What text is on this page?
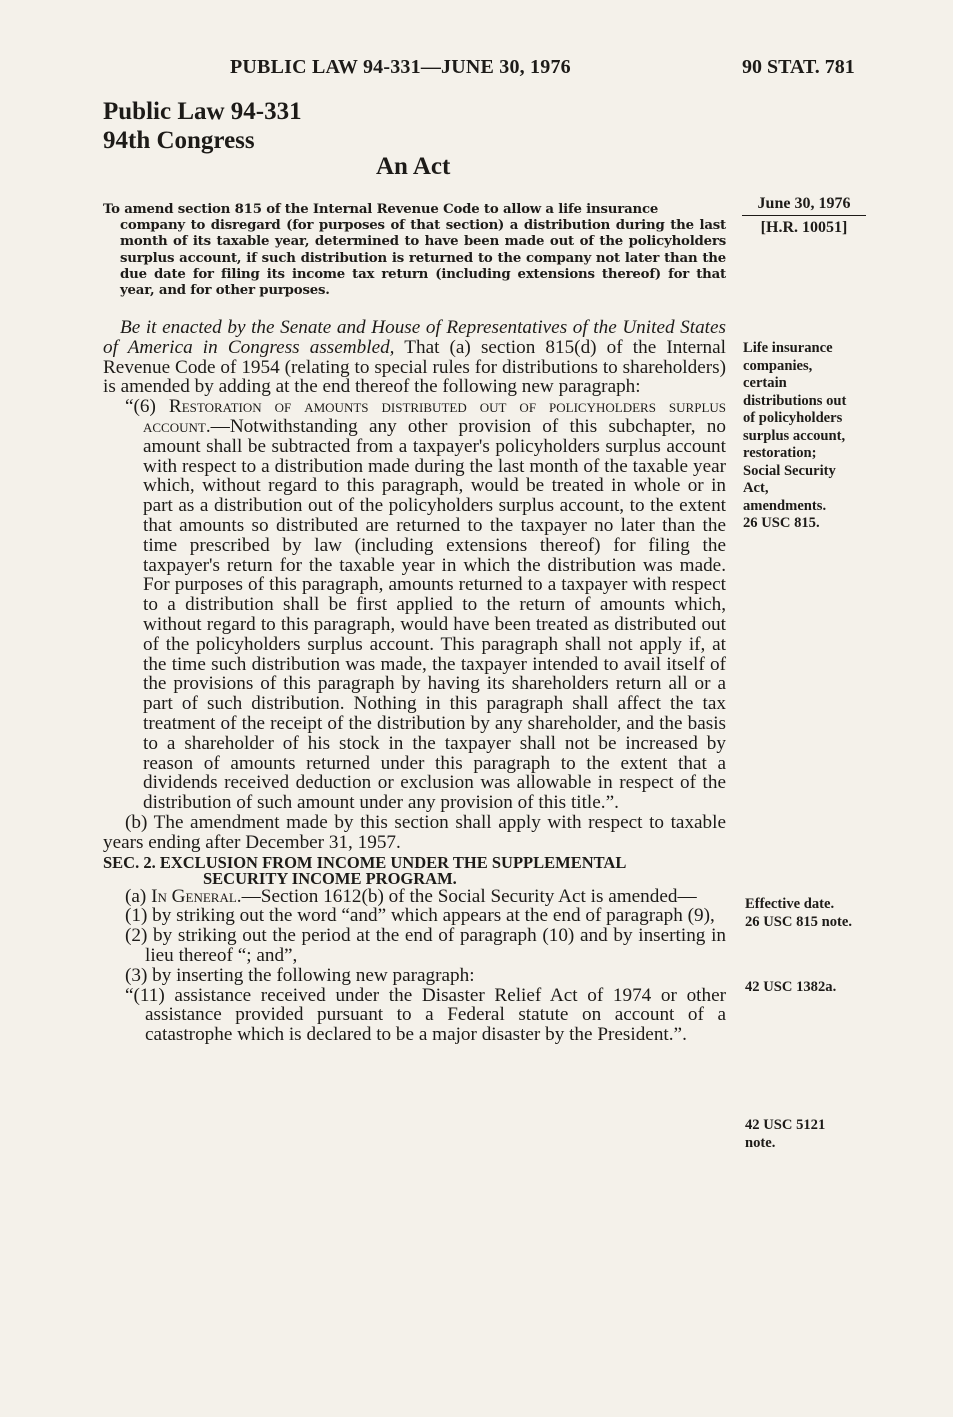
PUBLIC LAW 94-331—JUNE 30, 1976	90 STAT. 781
Public Law 94-331
94th Congress
An Act
To amend section 815 of the Internal Revenue Code to allow a life insurance
company to disregard (for purposes of that section) a distribution during the last month of its taxable year, determined to have been made out of the policyholders surplus account, if such distribution is returned to the company not later than the due date for filing its income tax return (including extensions thereof) for that year, and for other purposes.
June 30, 1976
[H.R. 10051]

Be it enacted by the Senate and House of Representatives of the United States of America in Congress assembled, That (a) section 815(d) of the Internal Revenue Code of 1954 (relating to special rules for distributions to shareholders) is amended by adding at the end thereof the following new paragraph:

“(6) Restoration of amounts distributed out of policyholders surplus account.—Notwithstanding any other provision of this subchapter, no amount shall be subtracted from a taxpayer's policyholders surplus account with respect to a distribution made during the last month of the taxable year which, without regard to this paragraph, would be treated in whole or in part as a distribution out of the policyholders surplus account, to the extent that amounts so distributed are returned to the taxpayer no later than the time prescribed by law (including extensions thereof) for filing the taxpayer's return for the taxable year in which the distribution was made. For purposes of this paragraph, amounts returned to a taxpayer with respect to a distribution shall be first applied to the return of amounts which, without regard to this paragraph, would have been treated as distributed out of the policyholders surplus account. This paragraph shall not apply if, at the time such distribution was made, the taxpayer intended to avail itself of the provisions of this paragraph by having its shareholders return all or a part of such distribution. Nothing in this paragraph shall affect the tax treatment of the receipt of the distribution by any shareholder, and the basis to a shareholder of his stock in the taxpayer shall not be increased by reason of amounts returned under this paragraph to the extent that a dividends received deduction or exclusion was allowable in respect of the distribution of such amount under any provision of this title.”.

(b) The amendment made by this section shall apply with respect to taxable years ending after December 31, 1957.

SEC. 2. EXCLUSION FROM INCOME UNDER THE SUPPLEMENTAL
SECURITY INCOME PROGRAM.

(a) In General.—Section 1612(b) of the Social Security Act is amended—

(1) by striking out the word “and” which appears at the end of paragraph (9),

(2) by striking out the period at the end of paragraph (10) and by inserting in lieu thereof “; and”,

(3) by inserting the following new paragraph:

“(11) assistance received under the Disaster Relief Act of 1974 or other assistance provided pursuant to a Federal statute on account of a catastrophe which is declared to be a major disaster by the President.”.

Life insurance
companies,
certain
distributions out
of policyholders
surplus account,
restoration;
Social Security
Act,
amendments.
26 USC 815.
Effective date.
26 USC 815 note.
42 USC 1382a.
42 USC 5121
note.
